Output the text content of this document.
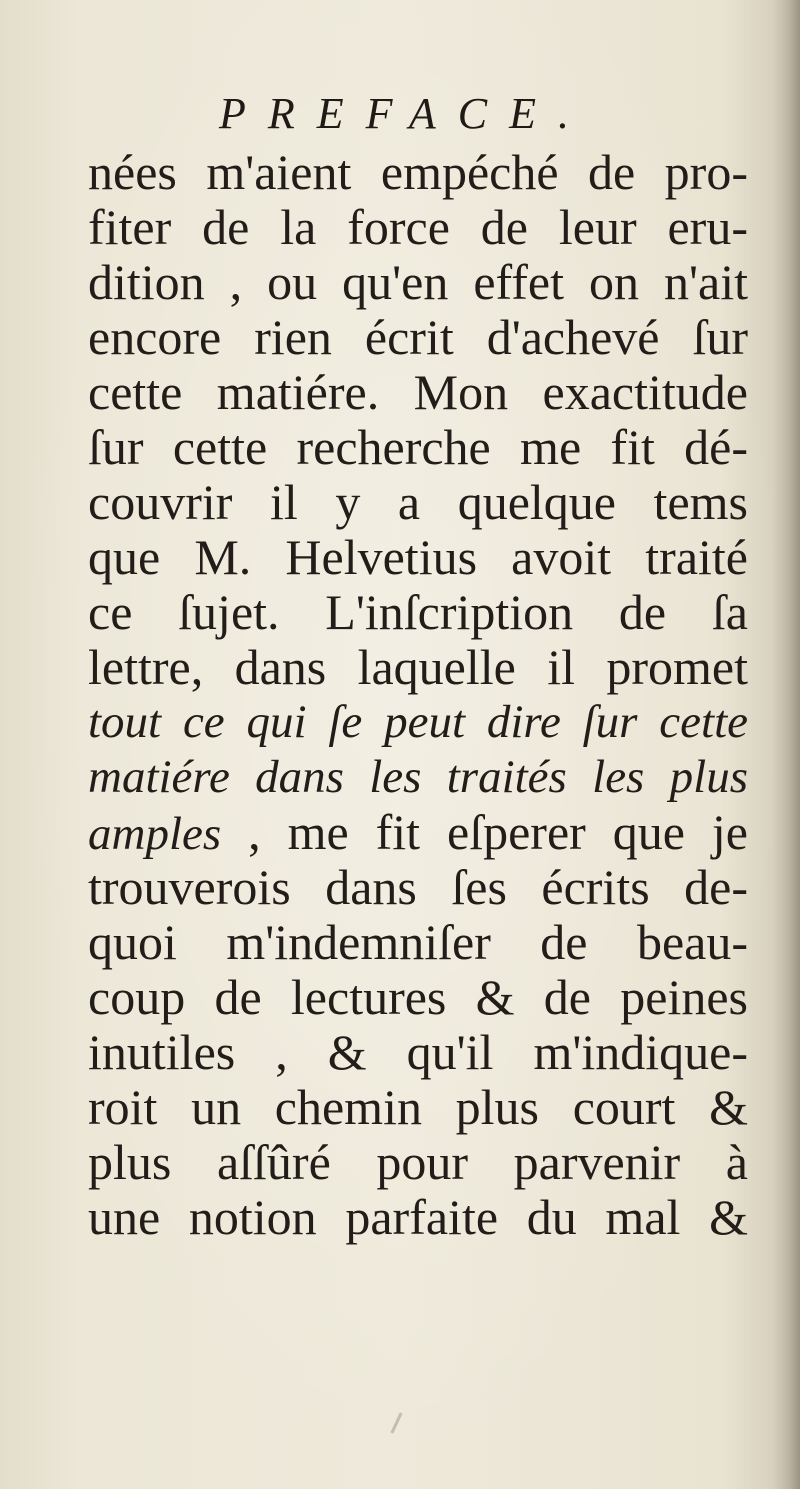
PREFACE.
nées m'aient empéché de pro-
fiter de la force de leur eru-
dition , ou qu'en effet on n'ait
encore rien écrit d'achevé ſur
cette matiére. Mon exactitude
ſur cette recherche me fit dé-
couvrir il y a quelque tems
que M. Helvetius avoit traité
ce ſujet. L'inſcription de ſa
lettre, dans laquelle il promet
tout ce qui ſe peut dire ſur cette
matiére dans les traités les plus
amples , me fit eſperer que je
trouverois dans ſes écrits de-
quoi m'indemniſer de beau-
coup de lectures & de peines
inutiles , & qu'il m'indique-
roit un chemin plus court &
plus aſſûré pour parvenir à
une notion parfaite du mal &
